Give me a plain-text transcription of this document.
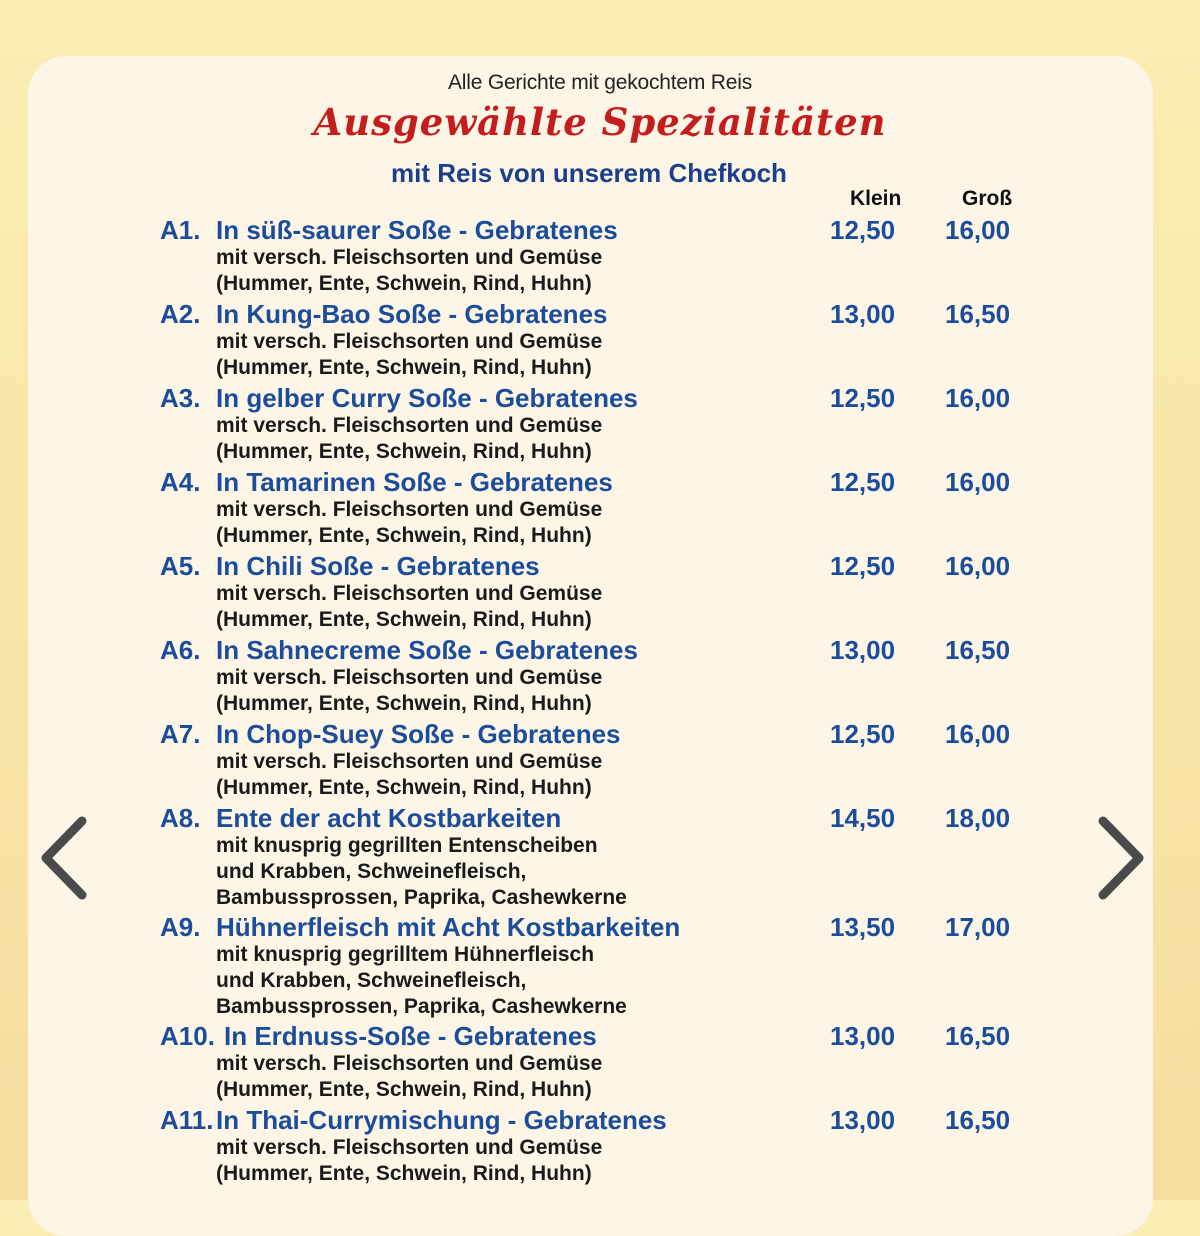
Alle Gerichte mit gekochtem Reis
Ausgewählte Spezialitäten
mit Reis von unserem Chefkoch
Klein	Groß
A1. In süß-saurer Soße - Gebratenes	12,50 16,00
mit versch. Fleischsorten und Gemüse
(Hummer, Ente, Schwein, Rind, Huhn)
A2. In Kung-Bao Soße - Gebratenes	13,00 16,50
mit versch. Fleischsorten und Gemüse
(Hummer, Ente, Schwein, Rind, Huhn)
A3. In gelber Curry Soße - Gebratenes	12,50 16,00
mit versch. Fleischsorten und Gemüse
(Hummer, Ente, Schwein, Rind, Huhn)
A4. In Tamarinen Soße - Gebratenes	12,50 16,00
mit versch. Fleischsorten und Gemüse
(Hummer, Ente, Schwein, Rind, Huhn)
A5. In Chili Soße - Gebratenes	12,50 16,00
mit versch. Fleischsorten und Gemüse
(Hummer, Ente, Schwein, Rind, Huhn)
A6. In Sahnecreme Soße - Gebratenes	13,00 16,50
mit versch. Fleischsorten und Gemüse
(Hummer, Ente, Schwein, Rind, Huhn)
A7. In Chop-Suey Soße - Gebratenes	12,50 16,00
mit versch. Fleischsorten und Gemüse
(Hummer, Ente, Schwein, Rind, Huhn)
A8. Ente der acht Kostbarkeiten	14,50 18,00
mit knusprig gegrillten Entenscheiben
und Krabben, Schweinefleisch,
Bambussprossen, Paprika, Cashewkerne
A9. Hühnerfleisch mit Acht Kostbarkeiten	13,50 17,00
mit knusprig gegrilltem Hühnerfleisch
und Krabben, Schweinefleisch,
Bambussprossen, Paprika, Cashewkerne
A10. In Erdnuss-Soße - Gebratenes	13,00 16,50
mit versch. Fleischsorten und Gemüse
(Hummer, Ente, Schwein, Rind, Huhn)
A11. In Thai-Currymischung - Gebratenes	13,00 16,50
mit versch. Fleischsorten und Gemüse
(Hummer, Ente, Schwein, Rind, Huhn)
